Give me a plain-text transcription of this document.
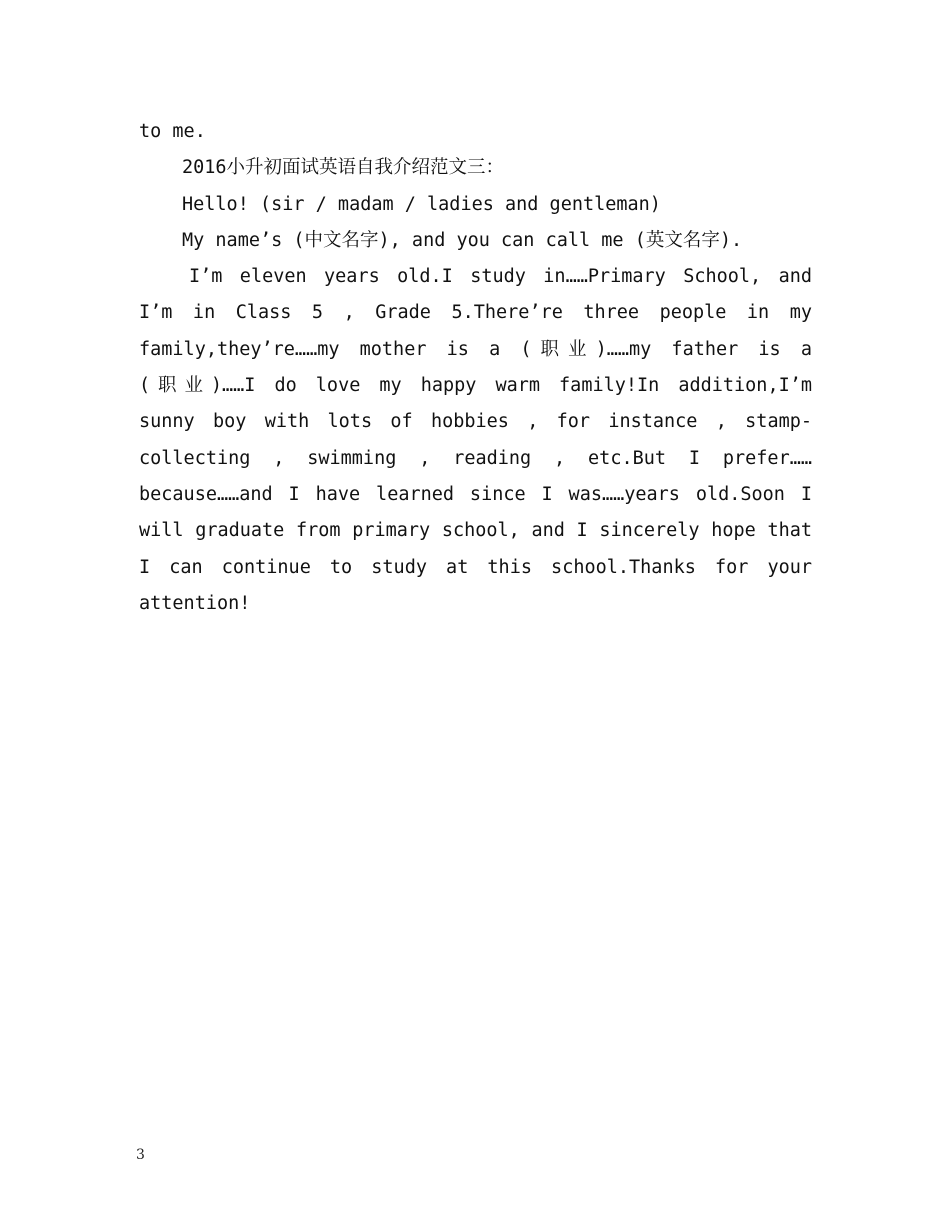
to me.
2016小升初面试英语自我介绍范文三：
Hello! (sir / madam / ladies and gentleman)
My name’s (中文名字), and you can call me (英文名字).
I’m eleven years old.I study in……Primary School, and
I’m in Class 5 , Grade 5.There’re three people in my
family,they’re……my mother is a (职业)……my father is a
(职业)……I do love my happy warm family!In addition,I’m
sunny boy with lots of hobbies , for instance , stamp-
collecting , swimming , reading , etc.But I prefer……
because……and I have learned since I was……years old.Soon I
will graduate from primary school, and I sincerely hope that
I can continue to study at this school.Thanks for your
attention!
3
